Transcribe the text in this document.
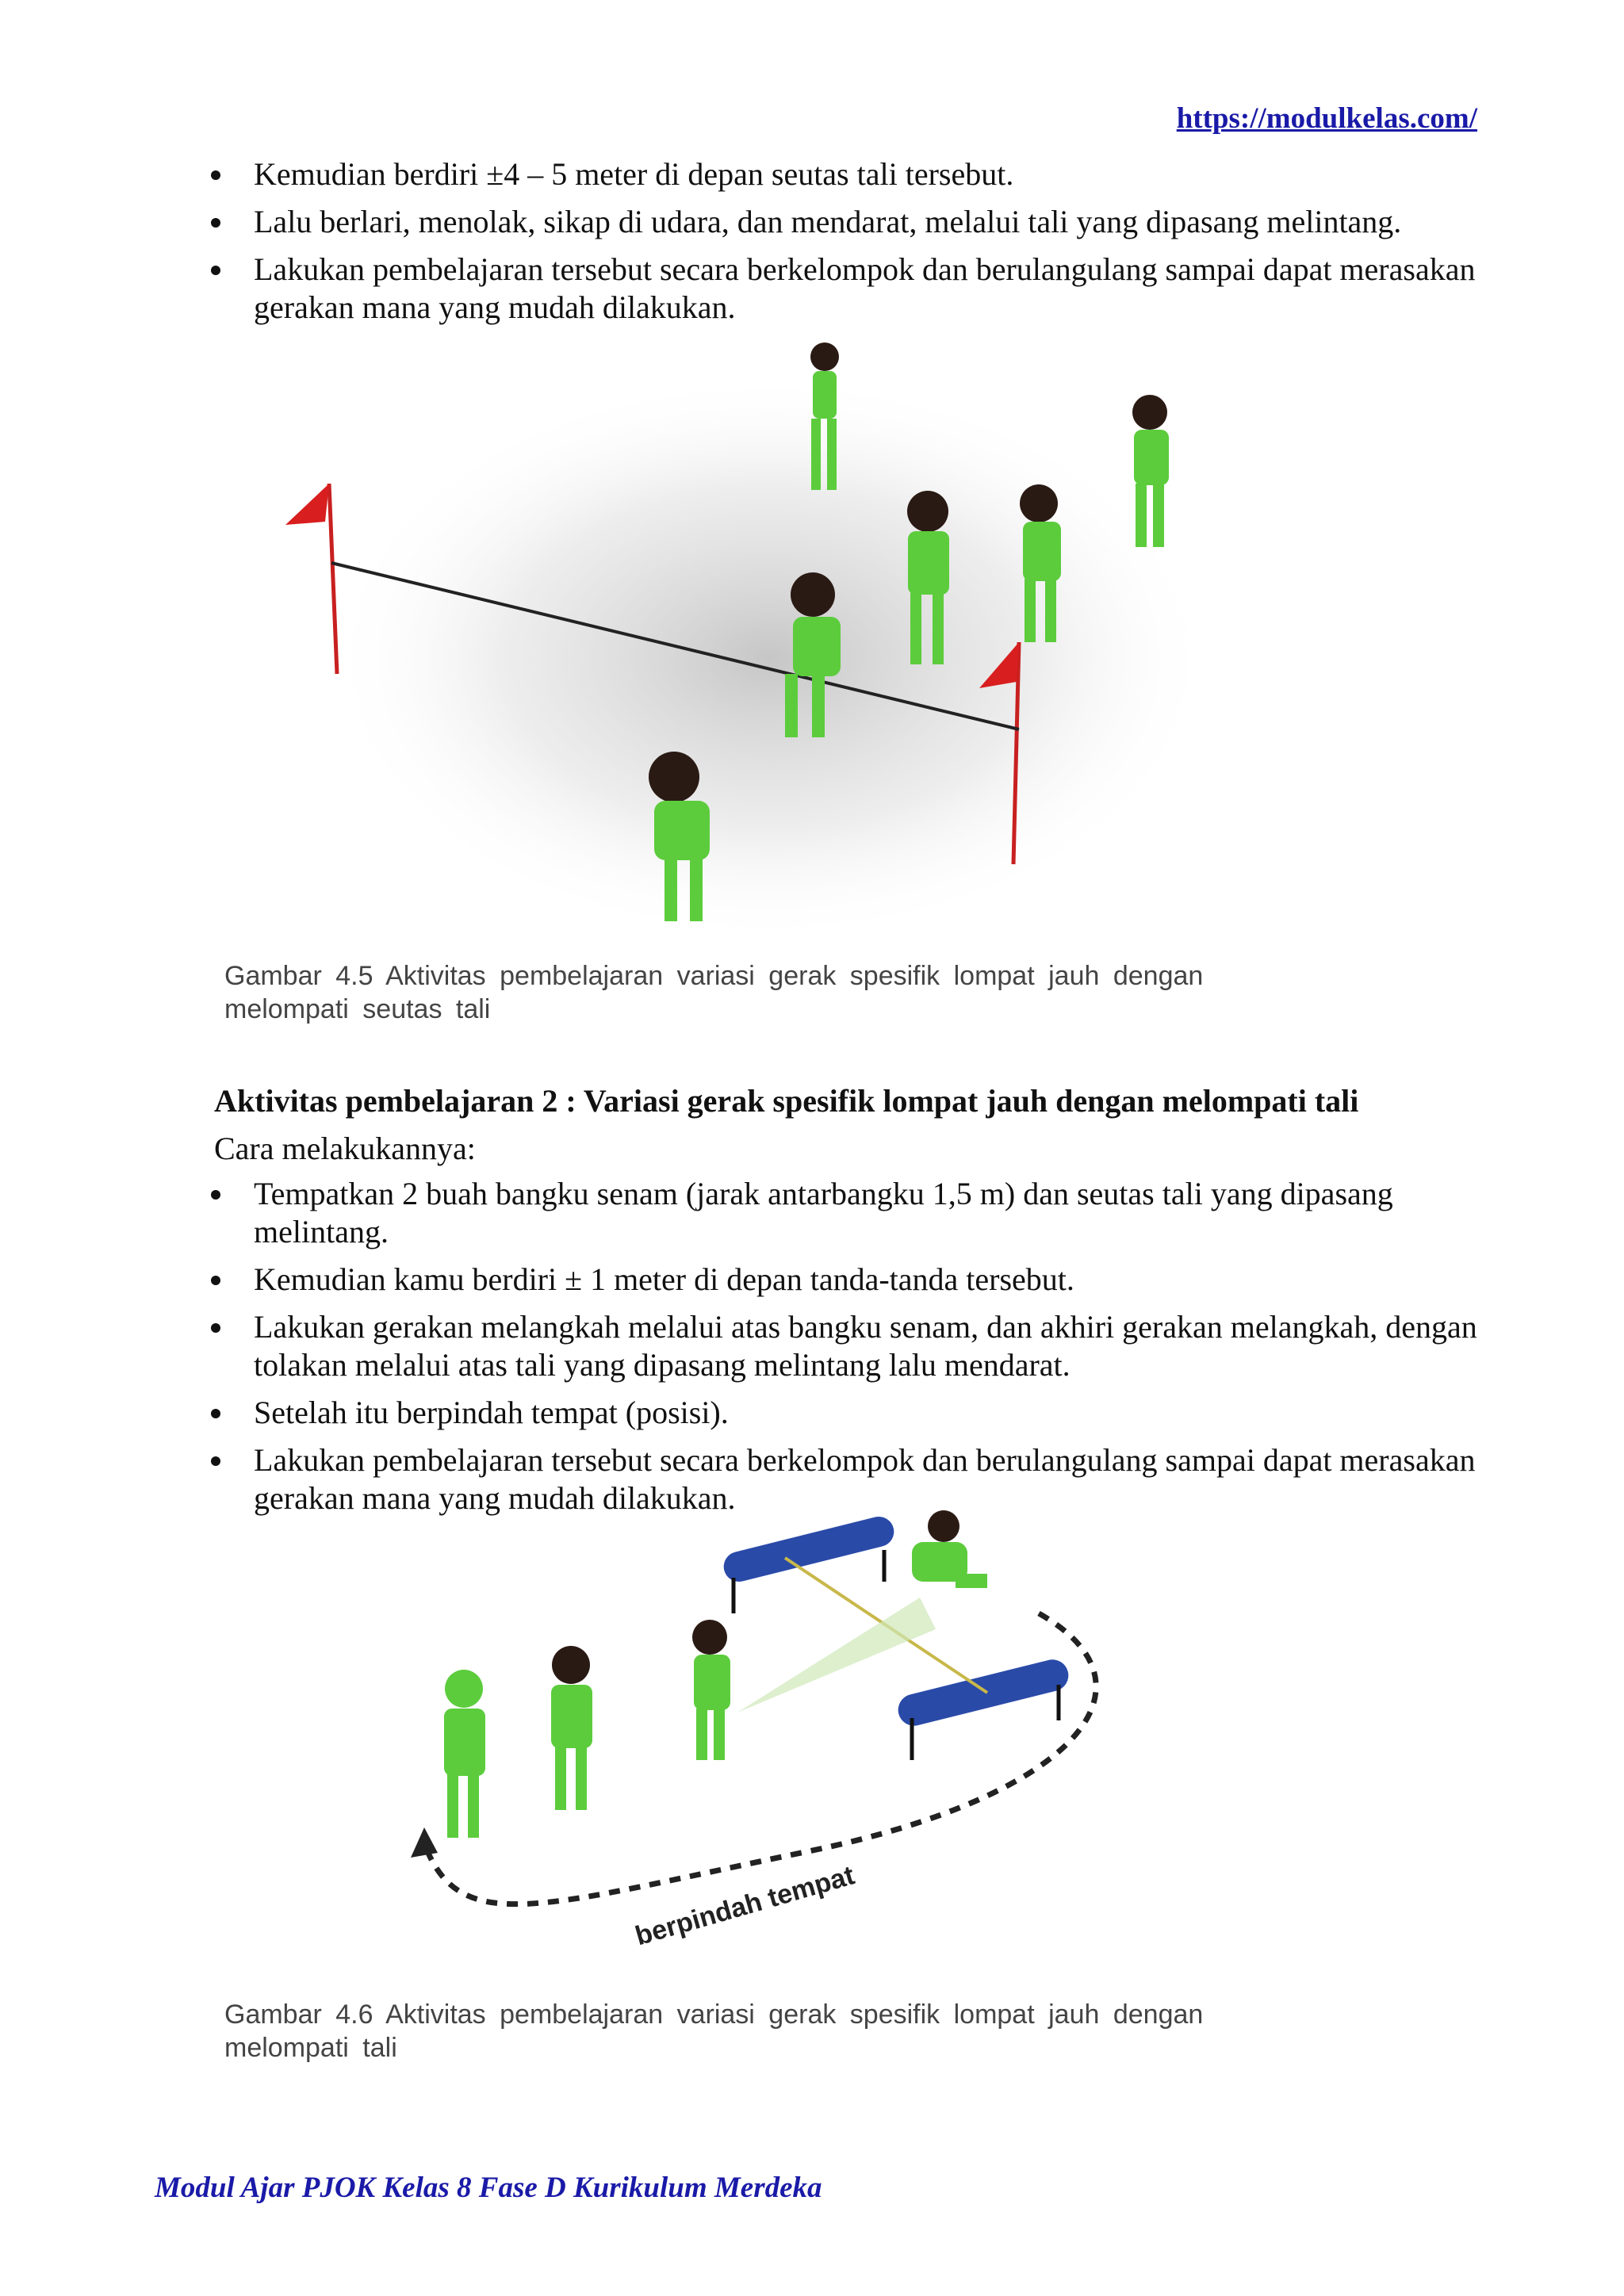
https://modulkelas.com/
Kemudian berdiri ±4 – 5 meter di depan seutas tali tersebut.
Lalu berlari, menolak, sikap di udara, dan mendarat, melalui tali yang dipasang melintang.
Lakukan pembelajaran tersebut secara berkelompok dan berulangulang sampai dapat merasakan gerakan mana yang mudah dilakukan.
Gambar 4.5 Aktivitas pembelajaran variasi gerak spesifik lompat jauh dengan melompati seutas tali
Aktivitas pembelajaran 2 : Variasi gerak spesifik lompat jauh dengan melompati tali

Cara melakukannya:

Tempatkan 2 buah bangku senam (jarak antarbangku 1,5 m) dan seutas tali yang dipasang melintang.
Kemudian kamu berdiri ± 1 meter di depan tanda-tanda tersebut.
Lakukan gerakan melangkah melalui atas bangku senam, dan akhiri gerakan melangkah, dengan tolakan melalui atas tali yang dipasang melintang lalu mendarat.
Setelah itu berpindah tempat (posisi).
Lakukan pembelajaran tersebut secara berkelompok dan berulangulang sampai dapat merasakan gerakan mana yang mudah dilakukan.
berpindah tempat
Gambar 4.6 Aktivitas pembelajaran variasi gerak spesifik lompat jauh dengan melompati tali
Modul Ajar PJOK Kelas 8 Fase D Kurikulum Merdeka
